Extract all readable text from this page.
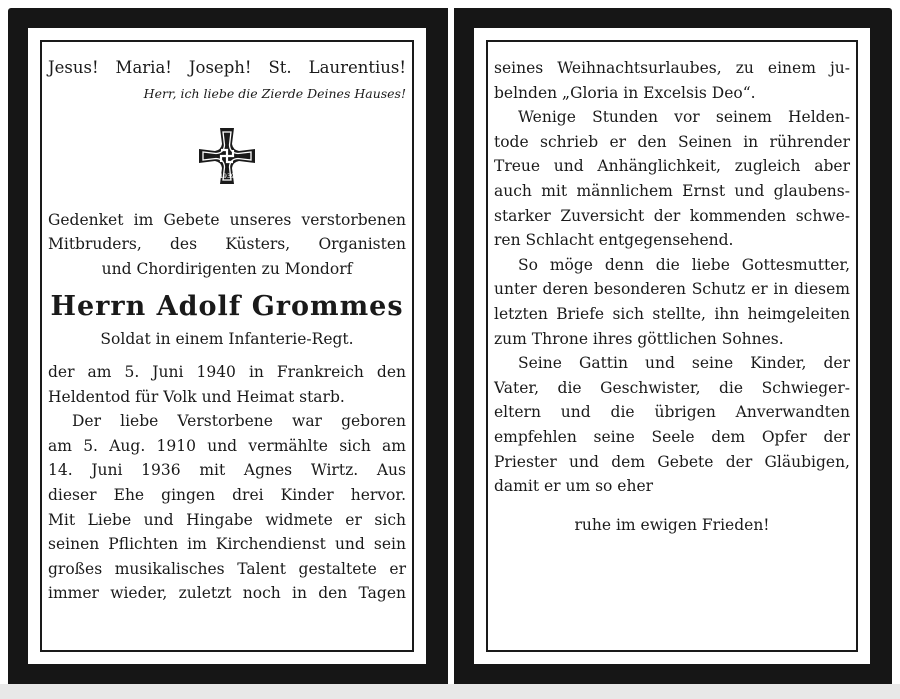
Jesus! Maria! Joseph! St. Laurentius!
Herr, ich liebe die Zierde Deines Hauses!
1939
Gedenket im Gebete unseres verstorbenen
Mitbruders, des Küsters, Organisten
und Chordirigenten zu Mondorf
Herrn Adolf Grommes
Soldat in einem Infanterie-Regt.
der am 5. Juni 1940 in Frankreich den
Heldentod für Volk und Heimat starb.
Der liebe Verstorbene war geboren
am 5. Aug. 1910 und vermählte sich am
14. Juni 1936 mit Agnes Wirtz. Aus
dieser Ehe gingen drei Kinder hervor.
Mit Liebe und Hingabe widmete er sich
seinen Pflichten im Kirchendienst und sein
großes musikalisches Talent gestaltete er
immer wieder, zuletzt noch in den Tagen
seines Weihnachtsurlaubes, zu einem ju-
belnden „Gloria in Excelsis Deo“.
Wenige Stunden vor seinem Helden-
tode schrieb er den Seinen in rührender
Treue und Anhänglichkeit, zugleich aber
auch mit männlichem Ernst und glaubens-
starker Zuversicht der kommenden schwe-
ren Schlacht entgegensehend.
So möge denn die liebe Gottesmutter,
unter deren besonderen Schutz er in diesem
letzten Briefe sich stellte, ihn heimgeleiten
zum Throne ihres göttlichen Sohnes.
Seine Gattin und seine Kinder, der
Vater, die Geschwister, die Schwieger-
eltern und die übrigen Anverwandten
empfehlen seine Seele dem Opfer der
Priester und dem Gebete der Gläubigen,
damit er um so eher
ruhe im ewigen Frieden!
